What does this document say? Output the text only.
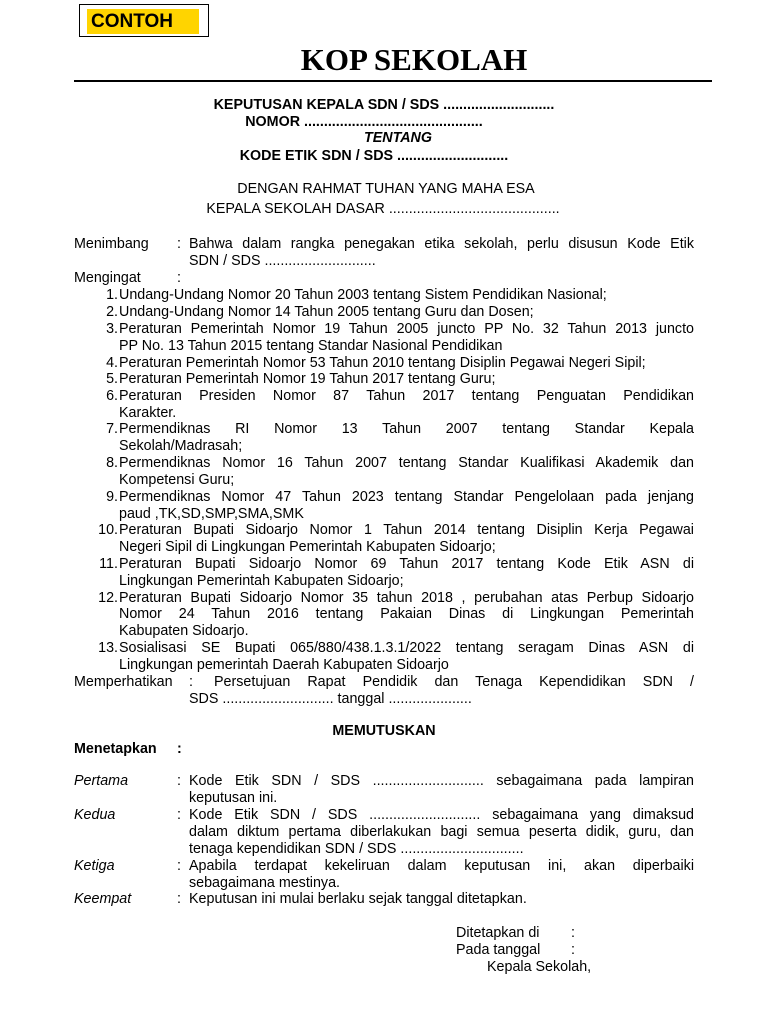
CONTOH
KOP SEKOLAH
KEPUTUSAN KEPALA SDN / SDS ............................
NOMOR .............................................
TENTANG
KODE ETIK SDN / SDS ............................
DENGAN RAHMAT TUHAN YANG MAHA ESA
KEPALA SEKOLAH DASAR ...........................................
Menimbang : Bahwa dalam rangka penegakan etika sekolah, perlu disusun Kode Etik
SDN / SDS ............................
Mengingat	:
1. Undang-Undang Nomor 20 Tahun 2003 tentang Sistem Pendidikan Nasional;
2. Undang-Undang Nomor 14 Tahun 2005 tentang Guru dan Dosen;
3. Peraturan Pemerintah Nomor 19 Tahun 2005 juncto PP No. 32 Tahun 2013 juncto
PP No. 13 Tahun 2015 tentang Standar Nasional Pendidikan
4. Peraturan Pemerintah Nomor 53 Tahun 2010 tentang Disiplin Pegawai Negeri Sipil;
5. Peraturan Pemerintah Nomor 19 Tahun 2017 tentang Guru;
6. Peraturan Presiden Nomor 87 Tahun 2017 tentang Penguatan Pendidikan
Karakter.
7. Permendiknas RI Nomor 13 Tahun 2007 tentang Standar Kepala
Sekolah/Madrasah;
8. Permendiknas Nomor 16 Tahun 2007 tentang Standar Kualifikasi Akademik dan
Kompetensi Guru;
9. Permendiknas Nomor 47 Tahun 2023 tentang Standar Pengelolaan pada jenjang
paud ,TK,SD,SMP,SMA,SMK
10. Peraturan Bupati Sidoarjo Nomor 1 Tahun 2014 tentang Disiplin Kerja Pegawai
Negeri Sipil di Lingkungan Pemerintah Kabupaten Sidoarjo;
11. Peraturan Bupati Sidoarjo Nomor 69 Tahun 2017 tentang Kode Etik ASN di
Lingkungan Pemerintah Kabupaten Sidoarjo;
12. Peraturan Bupati Sidoarjo Nomor 35 tahun 2018 , perubahan atas Perbup Sidoarjo
Nomor 24 Tahun 2016 tentang Pakaian Dinas di Lingkungan Pemerintah
Kabupaten Sidoarjo.
13. Sosialisasi SE Bupati 065/880/438.1.3.1/2022 tentang seragam Dinas ASN di
Lingkungan pemerintah Daerah Kabupaten Sidoarjo
Memperhatikan : Persetujuan Rapat Pendidik dan Tenaga Kependidikan SDN /
SDS ............................ tanggal .....................
MEMUTUSKAN
Menetapkan :
Pertama	: Kode Etik SDN / SDS ............................ sebagaimana pada lampiran
keputusan ini.
Kedua	: Kode Etik SDN / SDS ............................ sebagaimana yang dimaksud
dalam diktum pertama diberlakukan bagi semua peserta didik, guru, dan
tenaga kependidikan SDN / SDS ...............................
Ketiga	: Apabila terdapat kekeliruan dalam keputusan ini, akan diperbaiki
sebagaimana mestinya.
Keempat	: Keputusan ini mulai berlaku sejak tanggal ditetapkan.
Ditetapkan di :
Pada tanggal :
Kepala Sekolah,
